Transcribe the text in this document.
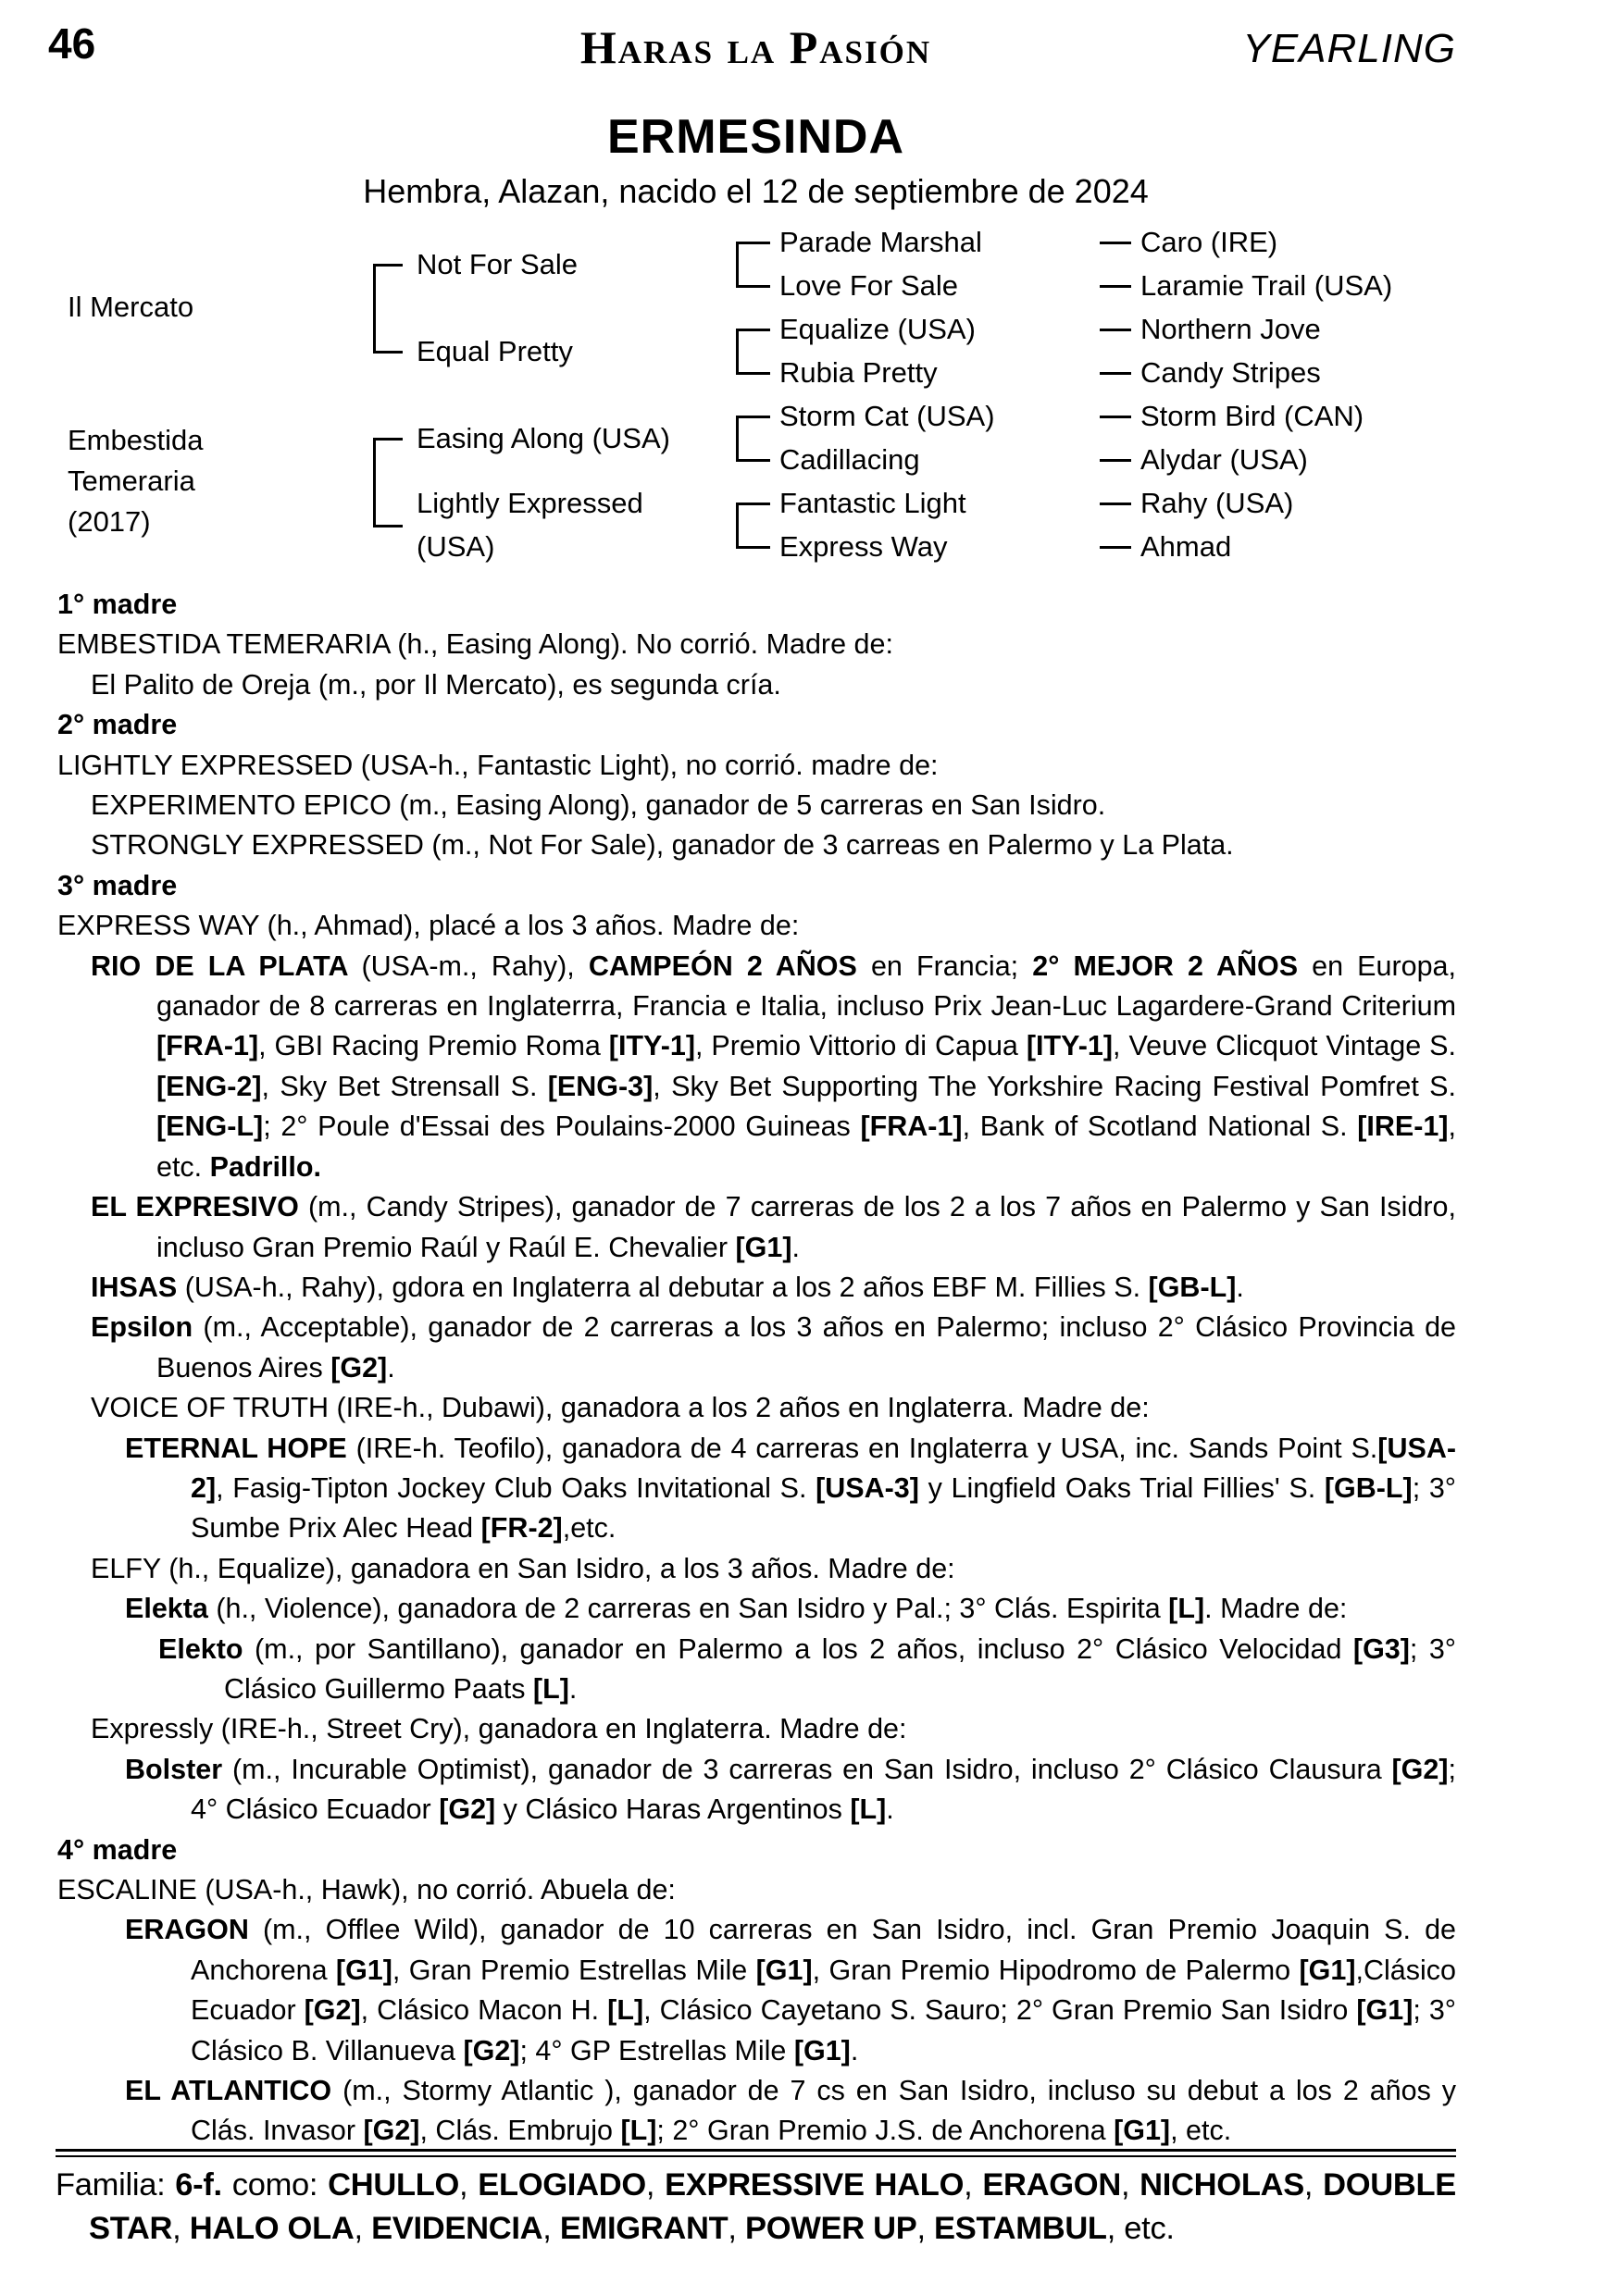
46	Haras la Pasión	YEARLING
ERMESINDA
Hembra, Alazan, nacido el 12 de septiembre de 2024
Il Mercato
Embestida
Temeraria
(2017)
Not For Sale
Equal Pretty
Easing Along (USA)
Lightly Expressed
(USA)
Parade Marshal
Love For Sale
Equalize (USA)
Rubia Pretty
Storm Cat (USA)
Cadillacing
Fantastic Light
Express Way
Caro (IRE)
Laramie Trail (USA)
Northern Jove
Candy Stripes
Storm Bird (CAN)
Alydar (USA)
Rahy (USA)
Ahmad
1° madre
EMBESTIDA TEMERARIA (h., Easing Along). No corrió. Madre de:
El Palito de Oreja (m., por Il Mercato), es segunda cría.
2° madre
LIGHTLY EXPRESSED (USA-h., Fantastic Light), no corrió. madre de:
EXPERIMENTO EPICO (m., Easing Along), ganador de 5 carreras en San Isidro.
STRONGLY EXPRESSED (m., Not For Sale), ganador de 3 carreas en Palermo y La Plata.
3° madre
EXPRESS WAY (h., Ahmad), placé a los 3 años. Madre de:
RIO DE LA PLATA (USA-m., Rahy), CAMPEÓN 2 AÑOS en Francia; 2° MEJOR 2 AÑOS en Europa, ganador de 8 carreras en Inglaterrra, Francia e Italia, incluso Prix Jean-Luc Lagardere-Grand Criterium [FRA-1], GBI Racing Premio Roma [ITY-1], Premio Vittorio di Capua [ITY-1], Veuve Clicquot Vintage S. [ENG-2], Sky Bet Strensall S. [ENG-3], Sky Bet Supporting The Yorkshire Racing Festival Pomfret S. [ENG-L]; 2° Poule d'Essai des Poulains-2000 Guineas [FRA-1], Bank of Scotland National S. [IRE-1], etc. Padrillo.
EL EXPRESIVO (m., Candy Stripes), ganador de 7 carreras de los 2 a los 7 años en Palermo y San Isidro, incluso Gran Premio Raúl y Raúl E. Chevalier [G1].
IHSAS (USA-h., Rahy), gdora en Inglaterra al debutar a los 2 años EBF M. Fillies S. [GB-L].
Epsilon (m., Acceptable), ganador de 2 carreras a los 3 años en Palermo; incluso 2° Clásico Provincia de Buenos Aires [G2].
VOICE OF TRUTH (IRE-h., Dubawi), ganadora a los 2 años en Inglaterra. Madre de:
ETERNAL HOPE (IRE-h. Teofilo), ganadora de 4 carreras en Inglaterra y USA, inc. Sands Point S.[USA-2], Fasig-Tipton Jockey Club Oaks Invitational S. [USA-3] y Lingfield Oaks Trial Fillies' S. [GB-L]; 3° Sumbe Prix Alec Head [FR-2],etc.
ELFY (h., Equalize), ganadora en San Isidro, a los 3 años. Madre de:
Elekta (h., Violence), ganadora de 2 carreras en San Isidro y Pal.; 3° Clás. Espirita [L]. Madre de:
Elekto (m., por Santillano), ganador en Palermo a los 2 años, incluso 2° Clásico Velocidad [G3]; 3° Clásico Guillermo Paats [L].
Expressly (IRE-h., Street Cry), ganadora en Inglaterra. Madre de:
Bolster (m., Incurable Optimist), ganador de 3 carreras en San Isidro, incluso 2° Clásico Clausura [G2]; 4° Clásico Ecuador [G2] y Clásico Haras Argentinos [L].
4° madre
ESCALINE (USA-h., Hawk), no corrió. Abuela de:
ERAGON (m., Offlee Wild), ganador de 10 carreras en San Isidro, incl. Gran Premio Joaquin S. de Anchorena [G1], Gran Premio Estrellas Mile [G1], Gran Premio Hipodromo de Palermo [G1],Clásico Ecuador [G2], Clásico Macon H. [L], Clásico Cayetano S. Sauro; 2° Gran Premio San Isidro [G1]; 3° Clásico B. Villanueva [G2]; 4° GP Estrellas Mile [G1].
EL ATLANTICO (m., Stormy Atlantic ), ganador de 7 cs en San Isidro, incluso su debut a los 2 años y Clás. Invasor [G2], Clás. Embrujo [L]; 2° Gran Premio J.S. de Anchorena [G1], etc.
Familia: 6-f. como: CHULLO, ELOGIADO, EXPRESSIVE HALO, ERAGON, NICHOLAS, DOUBLE STAR, HALO OLA, EVIDENCIA, EMIGRANT, POWER UP, ESTAMBUL, etc.
